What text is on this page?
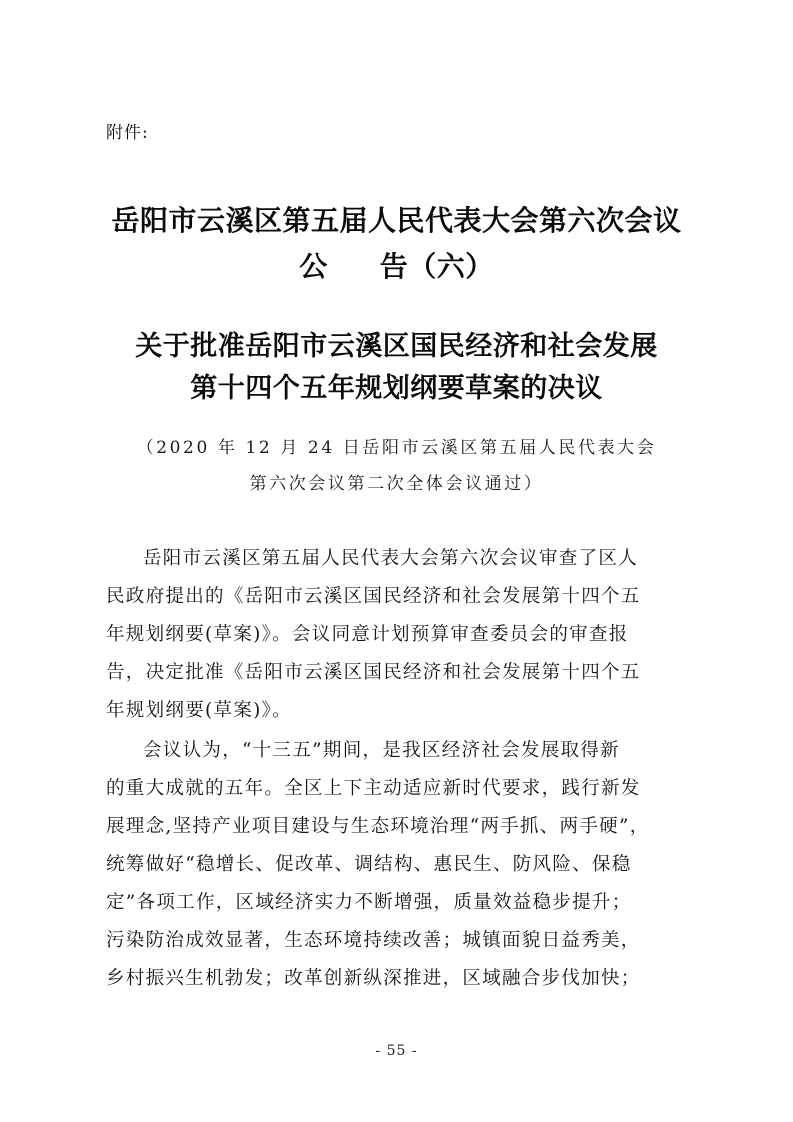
附件:
岳阳市云溪区第五届人民代表大会第六次会议
公 告（六）
关于批准岳阳市云溪区国民经济和社会发展
第十四个五年规划纲要草案的决议
（2020 年 12 月 24 日岳阳市云溪区第五届人民代表大会
第六次会议第二次全体会议通过）
岳阳市云溪区第五届人民代表大会第六次会议审查了区人
民政府提出的《岳阳市云溪区国民经济和社会发展第十四个五
年规划纲要(草案)》。会议同意计划预算审查委员会的审查报
告，决定批准《岳阳市云溪区国民经济和社会发展第十四个五
年规划纲要(草案)》。
会议认为，“十三五”期间，是我区经济社会发展取得新
的重大成就的五年。全区上下主动适应新时代要求，践行新发
展理念,坚持产业项目建设与生态环境治理“两手抓、两手硬”，
统筹做好“稳增长、促改革、调结构、惠民生、防风险、保稳
定”各项工作，区域经济实力不断增强，质量效益稳步提升；
污染防治成效显著，生态环境持续改善；城镇面貌日益秀美，
乡村振兴生机勃发；改革创新纵深推进，区域融合步伐加快；
- 55 -
